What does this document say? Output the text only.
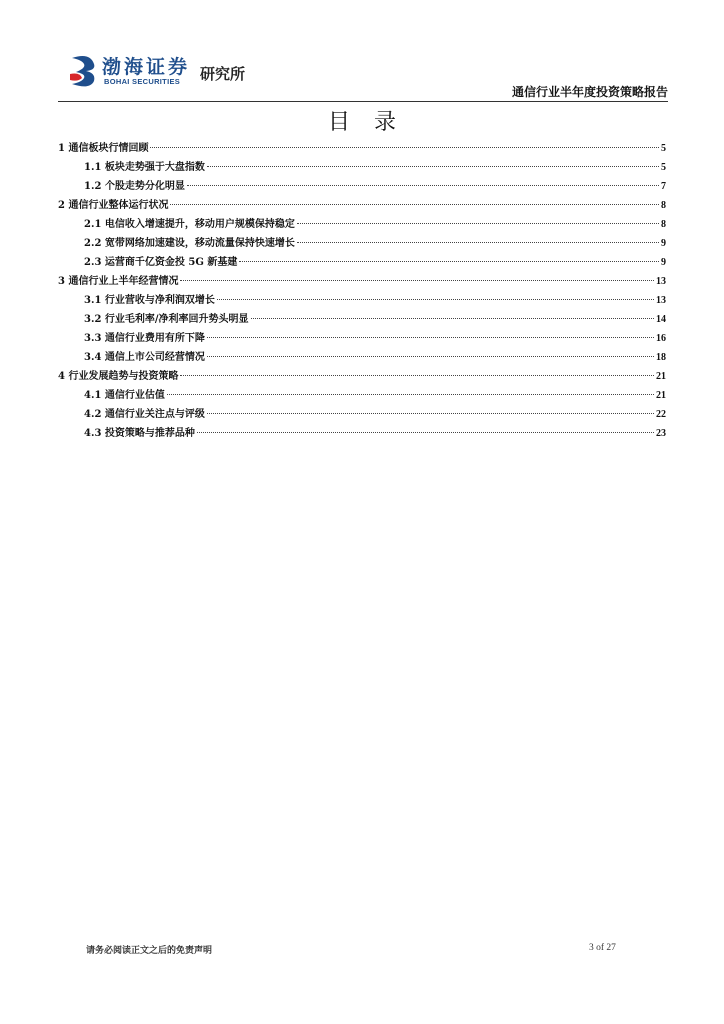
渤海证券
BOHAI SECURITIES 研究所
通信行业半年度投资策略报告
目录
1 通信板块行情回顾	5
1.1 板块走势强于大盘指数	5
1.2 个股走势分化明显	7
2 通信行业整体运行状况	8
2.1 电信收入增速提升，移动用户规模保持稳定	8
2.2 宽带网络加速建设，移动流量保持快速增长	9
2.3 运营商千亿资金投 5G 新基建	9
3 通信行业上半年经营情况	13
3.1 行业营收与净利润双增长	13
3.2 行业毛利率/净利率回升势头明显	14
3.3 通信行业费用有所下降	16
3.4 通信上市公司经营情况	18
4 行业发展趋势与投资策略	21
4.1 通信行业估值	21
4.2 通信行业关注点与评级	22
4.3 投资策略与推荐品种	23
请务必阅读正文之后的免责声明	3 of 27
